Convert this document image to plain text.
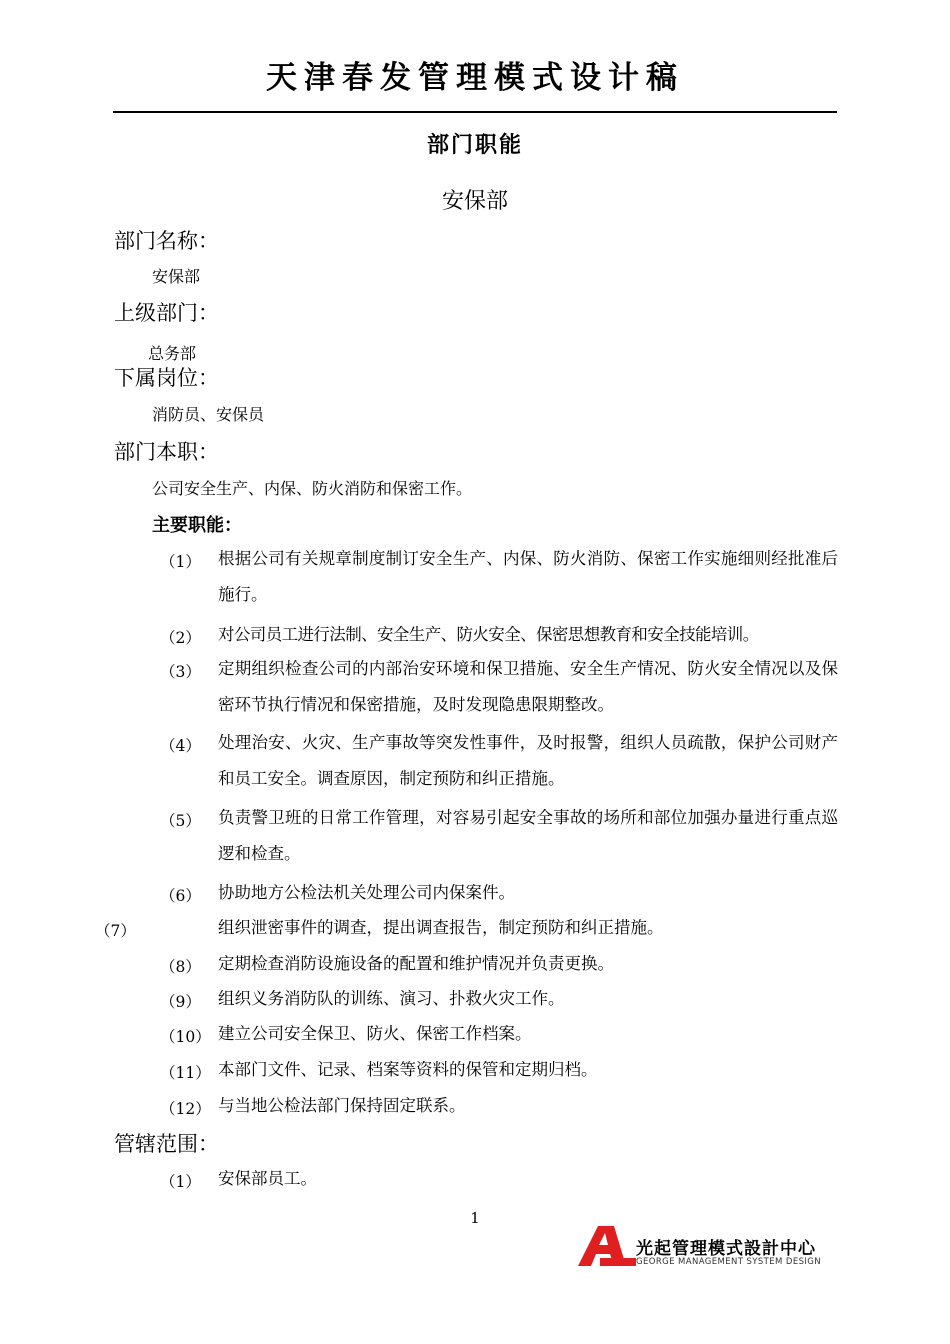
天津春发管理模式设计稿
部门职能
安保部
部门名称：
安保部
上级部门：
总务部
下属岗位：
消防员、安保员
部门本职：
公司安全生产、内保、防火消防和保密工作。
主要职能：
（1） 根据公司有关规章制度制订安全生产、内保、防火消防、保密工作实施细则经批准后施行。
（2） 对公司员工进行法制、安全生产、防火安全、保密思想教育和安全技能培训。
（3） 定期组织检查公司的内部治安环境和保卫措施、安全生产情况、防火安全情况以及保密环节执行情况和保密措施，及时发现隐患限期整改。
（4） 处理治安、火灾、生产事故等突发性事件，及时报警，组织人员疏散，保护公司财产和员工安全。调查原因，制定预防和纠正措施。
（5） 负责警卫班的日常工作管理，对容易引起安全事故的场所和部位加强办量进行重点巡逻和检查。
（6） 协助地方公检法机关处理公司内保案件。
（7）	组织泄密事件的调查，提出调查报告，制定预防和纠正措施。
（8） 定期检查消防设施设备的配置和维护情况并负责更换。
（9） 组织义务消防队的训练、演习、扑救火灾工作。
（10） 建立公司安全保卫、防火、保密工作档案。
（11） 本部门文件、记录、档案等资料的保管和定期归档。
（12） 与当地公检法部门保持固定联系。
管辖范围：
（1） 安保部员工。
1
光起管理模式設計中心
GEORGE MANAGEMENT SYSTEM DESIGN
